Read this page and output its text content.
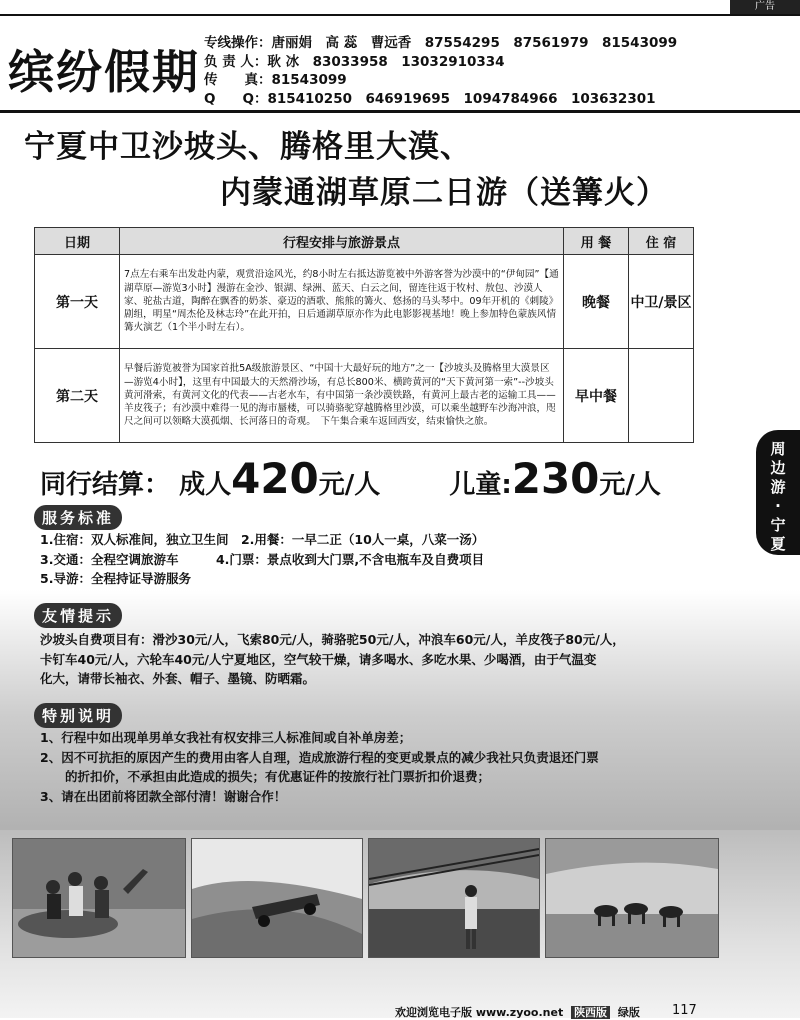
广告
缤纷假期
专线操作：唐丽娟　高 蕊　曹远香　87554295　87561979　81543099
负 责 人：耿 冰　83033958　13032910334
传　　真：81543099
Q　　Q：815410250　646919695　1094784966　103632301
宁夏中卫沙坡头、腾格里大漠、
内蒙通湖草原二日游（送篝火）
日期	行程安排与旅游景点	用 餐	住 宿
第一天	7点左右乘车出发赴内蒙，观赏沿途风光，约8小时左右抵达游览被中外游客誉为沙漠中的“伊甸园”【通湖草原—游览3小时】漫游在金沙、银湖、绿洲、蓝天、白云之间，留连往返于牧村、敖包、沙漠人家、驼盐古道，陶醉在飘香的奶茶、豪迈的酒歌、熊熊的篝火、悠扬的马头琴中。09年开机的《刺陵》剧组，明星“周杰伦及林志玲”在此开拍，日后通湖草原亦作为此电影影视基地！晚上参加特色蒙族风情篝火演艺（1个半小时左右）。	晚餐	中卫/景区
第二天	早餐后游览被誉为国家首批5A级旅游景区、“中国十大最好玩的地方”之一【沙坡头及腾格里大漠景区—游览4小时】，这里有中国最大的天然滑沙场，有总长800米、横跨黄河的“天下黄河第一索”--沙坡头黄河滑索，有黄河文化的代表——古老水车，有中国第一条沙漠铁路，有黄河上最古老的运输工具——羊皮筏子；有沙漠中难得一见的海市蜃楼，可以骑骆驼穿越腾格里沙漠，可以乘坐越野车沙海冲浪，咫尺之间可以领略大漠孤烟、长河落日的奇观。　下午集合乘车返回西安，结束愉快之旅。	早中餐	
周
边
游
·
宁
夏
同行结算： 成人420元/人	儿童:230元/人
服务标准
1.住宿：双人标准间，独立卫生间　2.用餐：一早二正（10人一桌，八菜一汤）
3.交通：全程空调旅游车　　　4.门票：景点收到大门票,不含电瓶车及自费项目
5.导游：全程持证导游服务
友情提示
沙坡头自费项目有：滑沙30元/人，飞索80元/人，骑骆驼50元/人，冲浪车60元/人，羊皮筏子80元/人，
卡钉车40元/人，六轮车40元/人宁夏地区，空气较干燥，请多喝水、多吃水果、少喝酒，由于气温变
化大，请带长袖衣、外套、帽子、墨镜、防晒霜。
特别说明
1、行程中如出现单男单女我社有权安排三人标准间或自补单房差；
2、因不可抗拒的原因产生的费用由客人自理，造成旅游行程的变更或景点的减少我社只负责退还门票
　　的折扣价，不承担由此造成的损失；有优惠证件的按旅行社门票折扣价退费；
3、请在出团前将团款全部付清！谢谢合作！
欢迎浏览电子版 www.zyoo.net 陕西版 绿版 117
